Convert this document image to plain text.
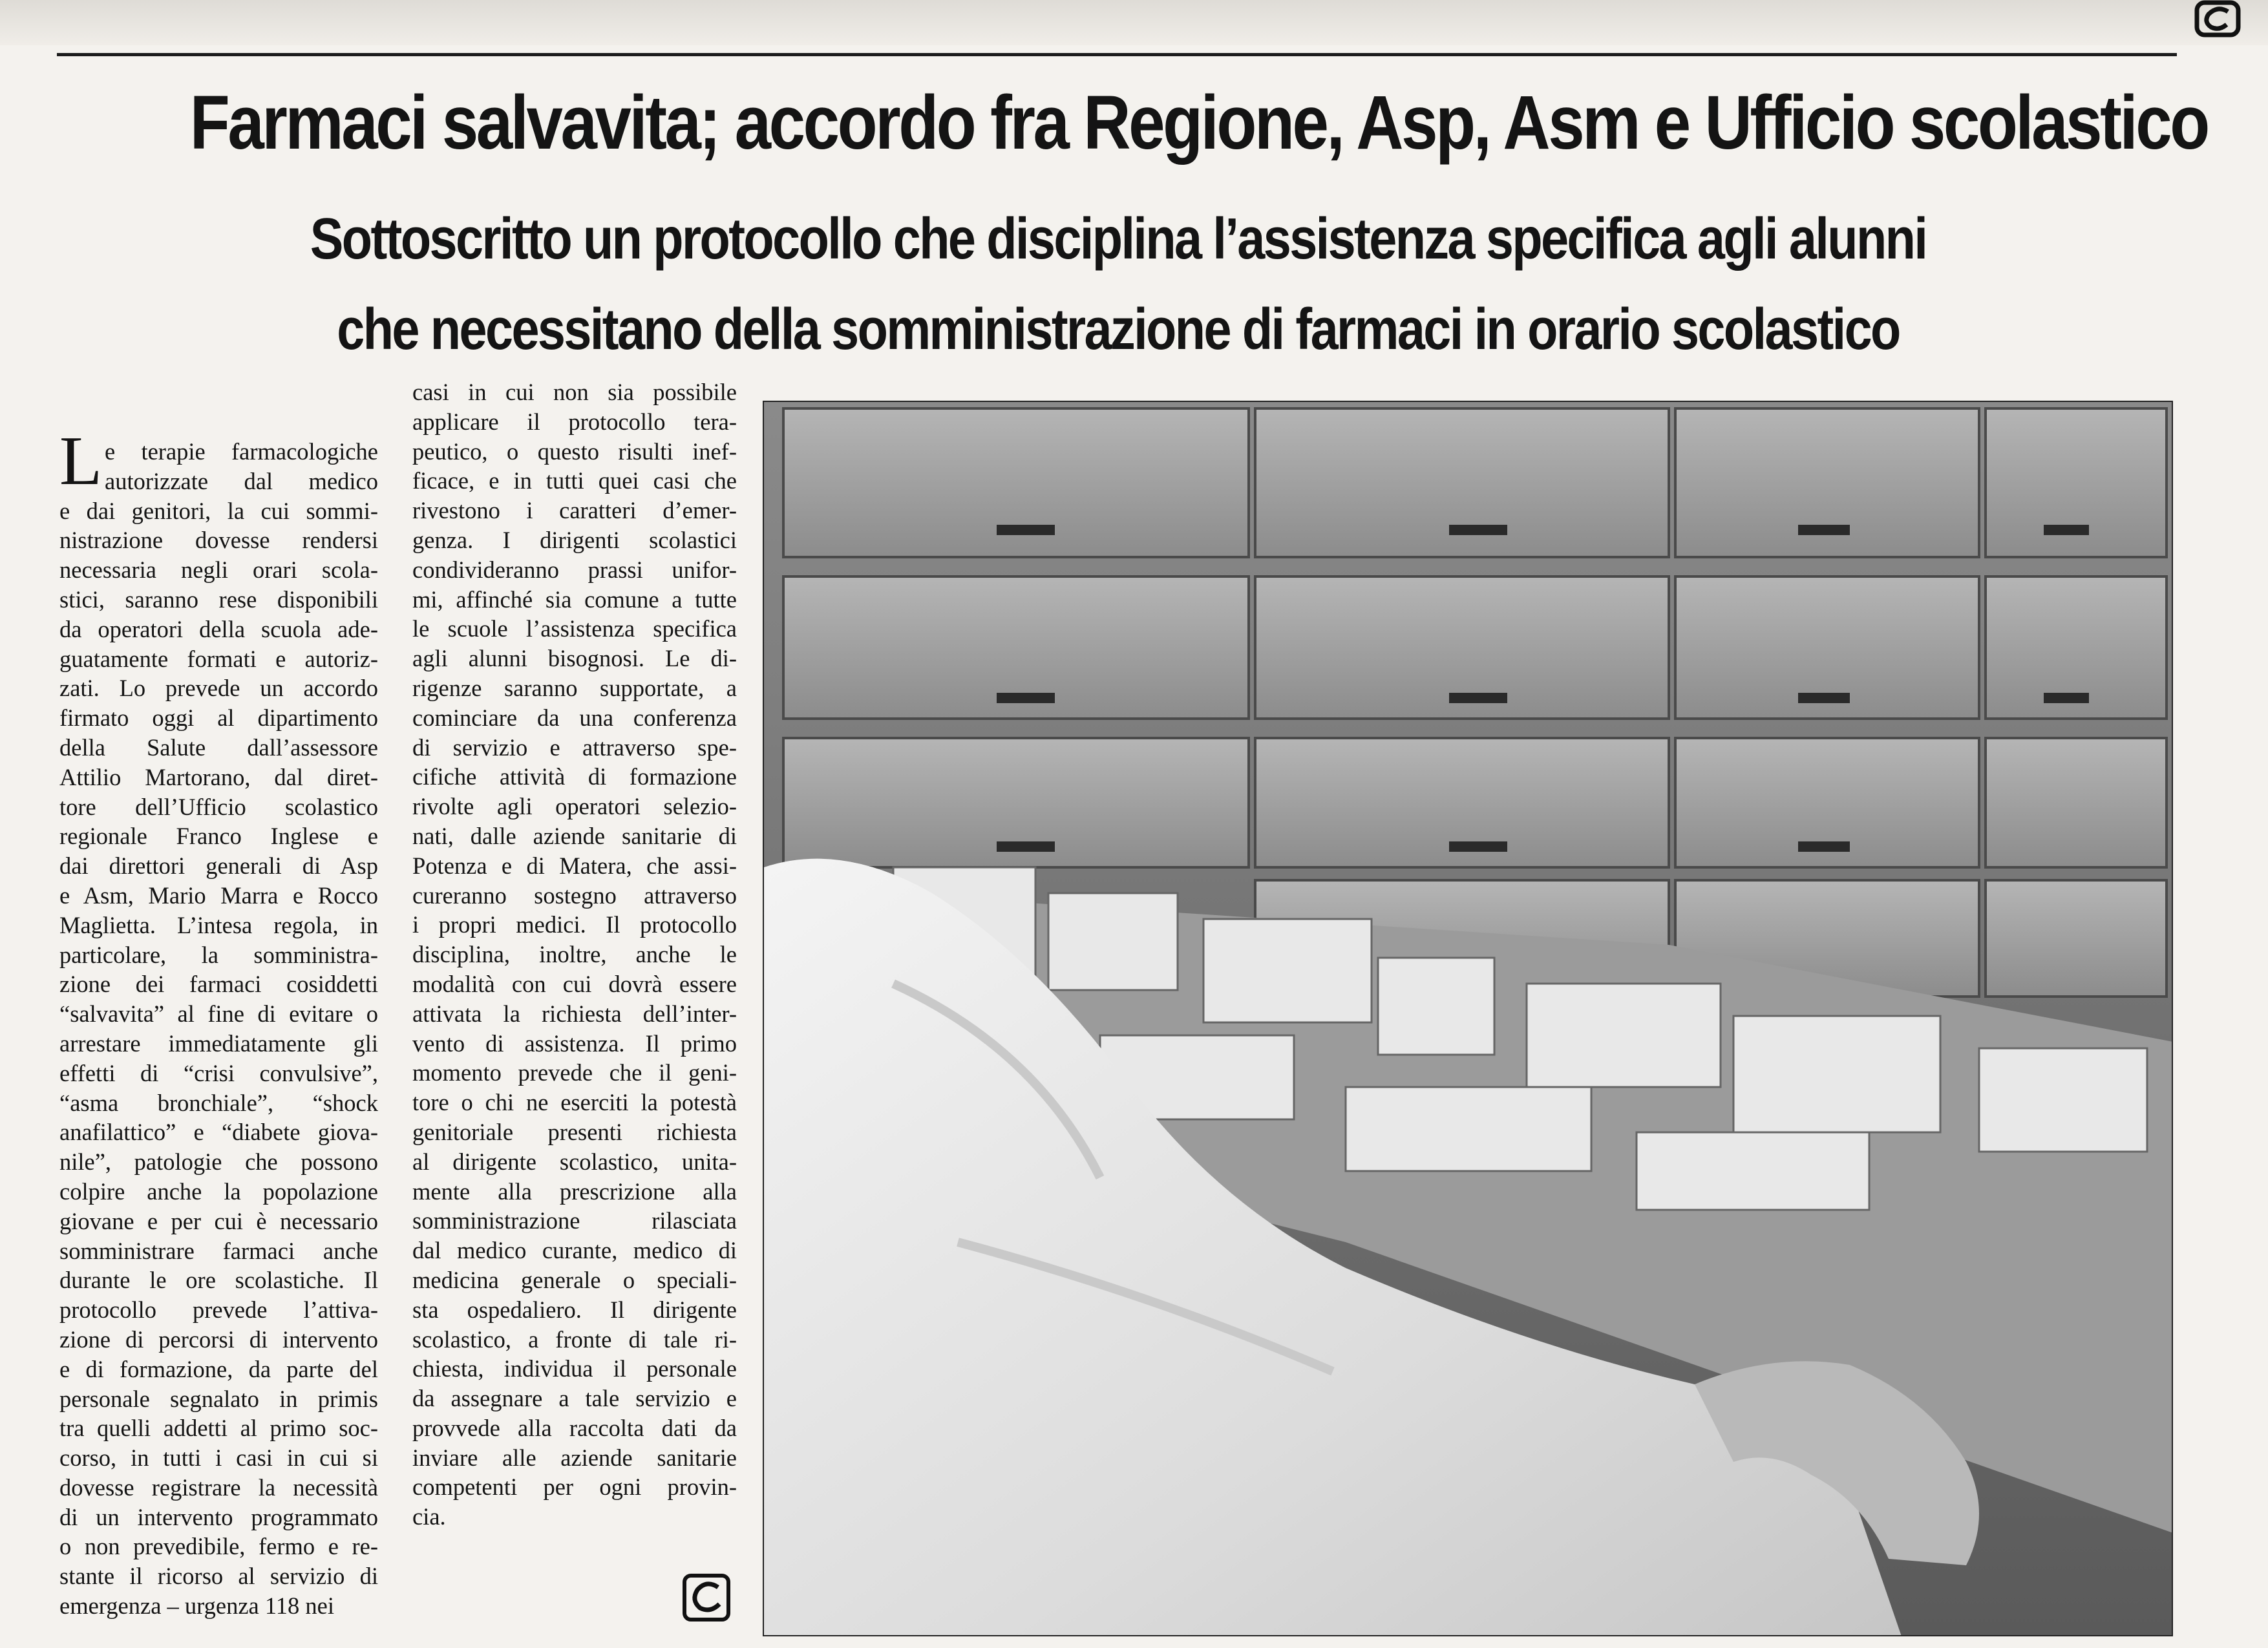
Farmaci salvavita; accordo fra Regione, Asp, Asm e Ufficio scolastico
Sottoscritto un protocollo che disciplina l’assistenza specifica agli alunni
che necessitano della somministrazione di farmaci in orario scolastico
L e terapie farmacologiche
autorizzate dal medico
e dai genitori, la cui sommi-
nistrazione dovesse rendersi
necessaria negli orari scola-
stici, saranno rese disponibili
da operatori della scuola ade-
guatamente formati e autoriz-
zati. Lo prevede un accordo
firmato oggi al dipartimento
della Salute dall’assessore
Attilio Martorano, dal diret-
tore dell’Ufficio scolastico
regionale Franco Inglese e
dai direttori generali di Asp
e Asm, Mario Marra e Rocco
Maglietta. L’intesa regola, in
particolare, la somministra-
zione dei farmaci cosiddetti
“salvavita” al fine di evitare o
arrestare immediatamente gli
effetti di “crisi convulsive”,
“asma bronchiale”, “shock
anafilattico” e “diabete giova-
nile”, patologie che possono
colpire anche la popolazione
giovane e per cui è necessario
somministrare farmaci anche
durante le ore scolastiche. Il
protocollo prevede l’attiva-
zione di percorsi di intervento
e di formazione, da parte del
personale segnalato in primis
tra quelli addetti al primo soc-
corso, in tutti i casi in cui si
dovesse registrare la necessità
di un intervento programmato
o non prevedibile, fermo e re-
stante il ricorso al servizio di
emergenza – urgenza 118 nei
casi in cui non sia possibile
applicare il protocollo tera-
peutico, o questo risulti inef-
ficace, e in tutti quei casi che
rivestono i caratteri d’emer-
genza. I dirigenti scolastici
condivideranno prassi unifor-
mi, affinché sia comune a tutte
le scuole l’assistenza specifica
agli alunni bisognosi. Le di-
rigenze saranno supportate, a
cominciare da una conferenza
di servizio e attraverso spe-
cifiche attività di formazione
rivolte agli operatori seleziо-
nati, dalle aziende sanitarie di
Potenza e di Matera, che assi-
cureranno sostegno attraverso
i propri medici. Il protocollo
disciplina, inoltre, anche le
modalità con cui dovrà essere
attivata la richiesta dell’inter-
vento di assistenza. Il primo
momento prevede che il geni-
tore o chi ne eserciti la potestà
genitoriale presenti richiesta
al dirigente scolastico, unita-
mente alla prescrizione alla
somministrazione rilasciata
dal medico curante, medico di
medicina generale o speciali-
sta ospedaliero. Il dirigente
scolastico, a fronte di tale ri-
chiesta, individua il personale
da assegnare a tale servizio e
provvede alla raccolta dati da
inviare alle aziende sanitarie
competenti per ogni provin-
cia.
